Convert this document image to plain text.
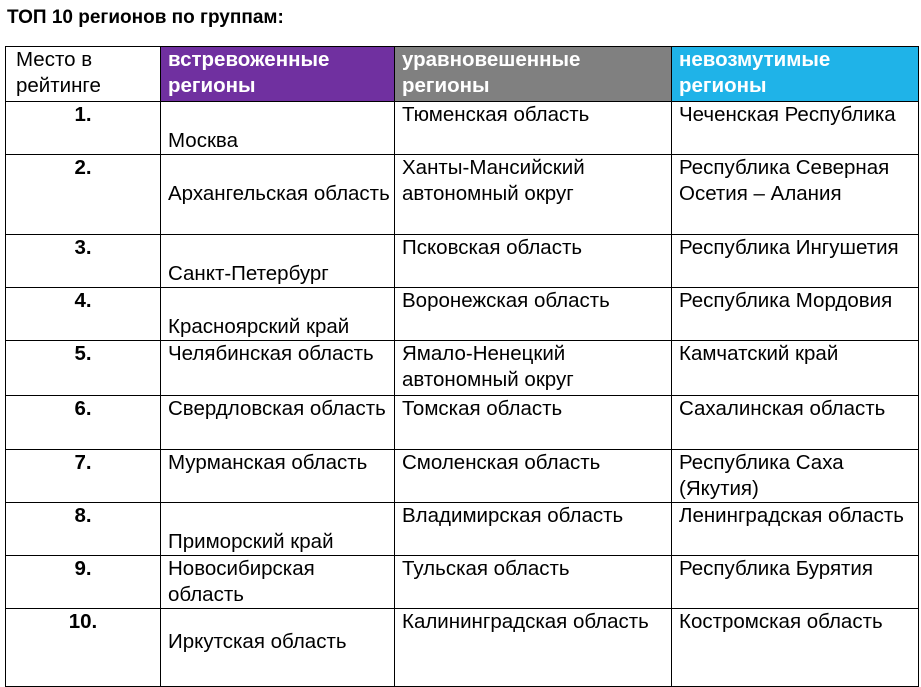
ТОП 10 регионов по группам:
Место в рейтинге	встревоженные регионы	уравновешенные регионы	невозмутимые регионы
1.	Москва	Тюменская область	Чеченская Республика
2.	Архангельская область	Ханты-Мансийский автономный округ	Республика Северная Осетия – Алания
3.	Санкт-Петербург	Псковская область	Республика Ингушетия
4.	Красноярский край	Воронежская область	Республика Мордовия
5.	Челябинская область	Ямало-Ненецкий автономный округ	Камчатский край
6.	Свердловская область	Томская область	Сахалинская область
7.	Мурманская область	Смоленская область	Республика Саха (Якутия)
8.	Приморский край	Владимирская область	Ленинградская область
9.	Новосибирская область	Тульская область	Республика Бурятия
10.	Иркутская область	Калининградская область	Костромская область
